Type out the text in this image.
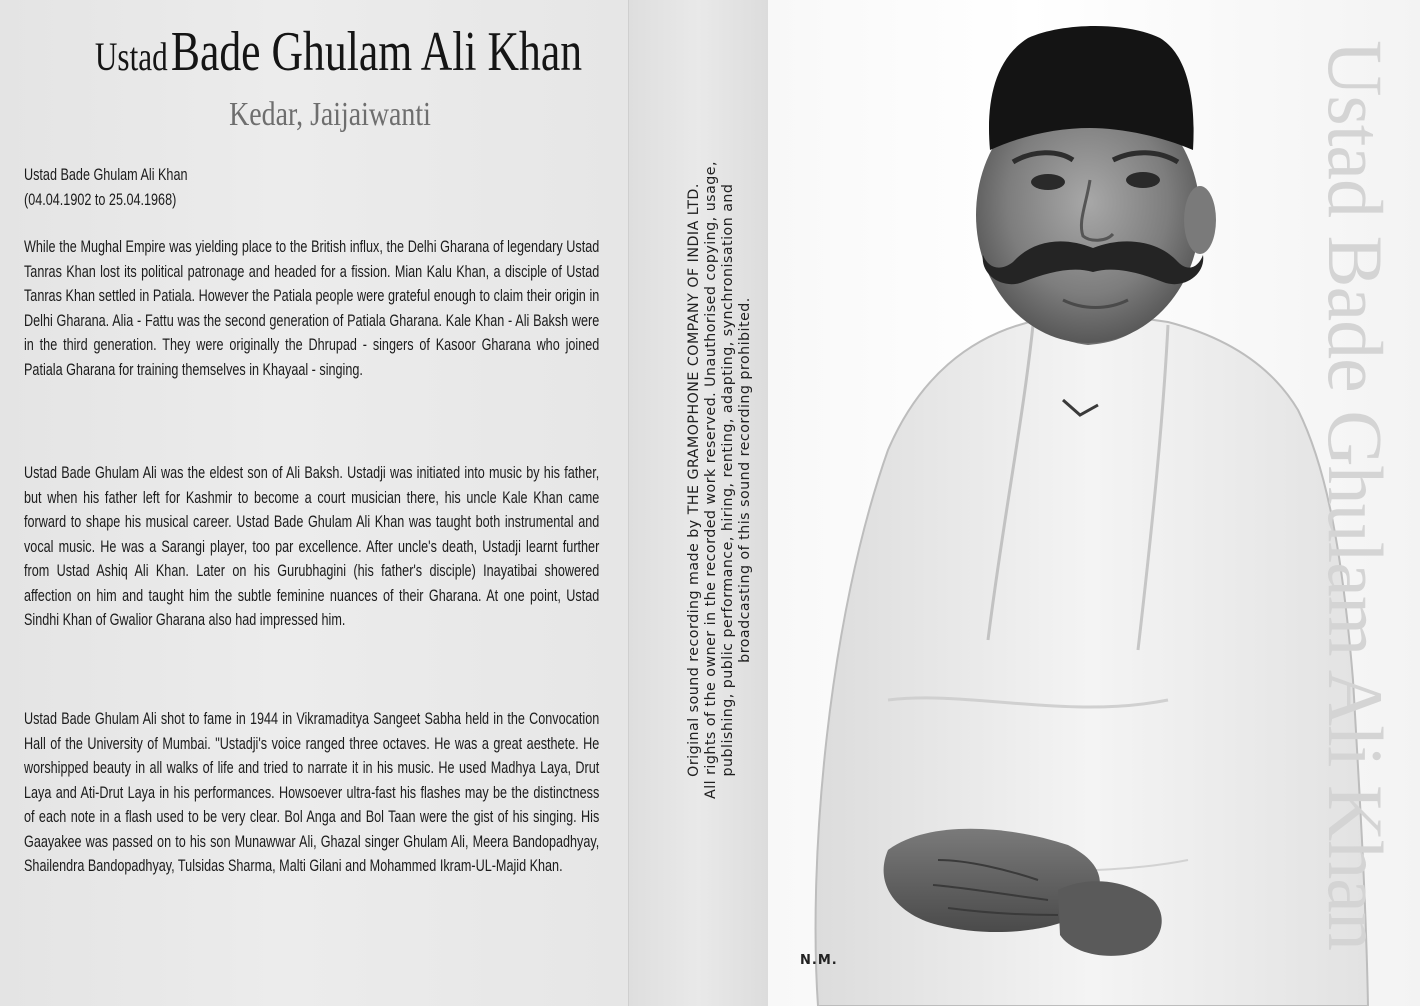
Ustad Bade Ghulam Ali Khan
Kedar, Jaijaiwanti
Ustad Bade Ghulam Ali Khan
(04.04.1902 to 25.04.1968)

While the Mughal Empire was yielding place to the British influx, the Delhi Gharana of legendary Ustad Tanras Khan lost its political patronage and headed for a fission. Mian Kalu Khan, a disciple of Ustad Tanras Khan settled in Patiala. However the Patiala people were grateful enough to claim their origin in Delhi Gharana. Alia - Fattu was the second generation of Patiala Gharana. Kale Khan - Ali Baksh were in the third generation. They were originally the Dhrupad - singers of Kasoor Gharana who joined Patiala Gharana for training themselves in Khayaal - singing.

Ustad Bade Ghulam Ali was the eldest son of Ali Baksh. Ustadji was initiated into music by his father, but when his father left for Kashmir to become a court musician there, his uncle Kale Khan came forward to shape his musical career. Ustad Bade Ghulam Ali Khan was taught both instrumental and vocal music. He was a Sarangi player, too par excellence. After uncle's death, Ustadji learnt further from Ustad Ashiq Ali Khan. Later on his Gurubhagini (his father's disciple) Inayatibai showered affection on him and taught him the subtle feminine nuances of their Gharana. At one point, Ustad Sindhi Khan of Gwalior Gharana also had impressed him.

Ustad Bade Ghulam Ali shot to fame in 1944 in Vikramaditya Sangeet Sabha held in the Convocation Hall of the University of Mumbai. "Ustadji's voice ranged three octaves. He was a great aesthete. He worshipped beauty in all walks of life and tried to narrate it in his music. He used Madhya Laya, Drut Laya and Ati-Drut Laya in his performances. Howsoever ultra-fast his flashes may be the distinctness of each note in a flash used to be very clear. Bol Anga and Bol Taan were the gist of his singing. His Gaayakee was passed on to his son Munawwar Ali, Ghazal singer Ghulam Ali, Meera Bandopadhyay, Shailendra Bandopadhyay, Tulsidas Sharma, Malti Gilani and Mohammed Ikram-UL-Majid Khan.

Original sound recording made by THE GRAMOPHONE COMPANY OF INDIA LTD. All rights of the owner in the recorded work reserved. Unauthorised copying, usage, publishing, public performance, hiring, renting, adapting, synchronisation and broadcasting of this sound recording prohibited.
N.M.
Ustad Bade Ghulam Ali Khan
